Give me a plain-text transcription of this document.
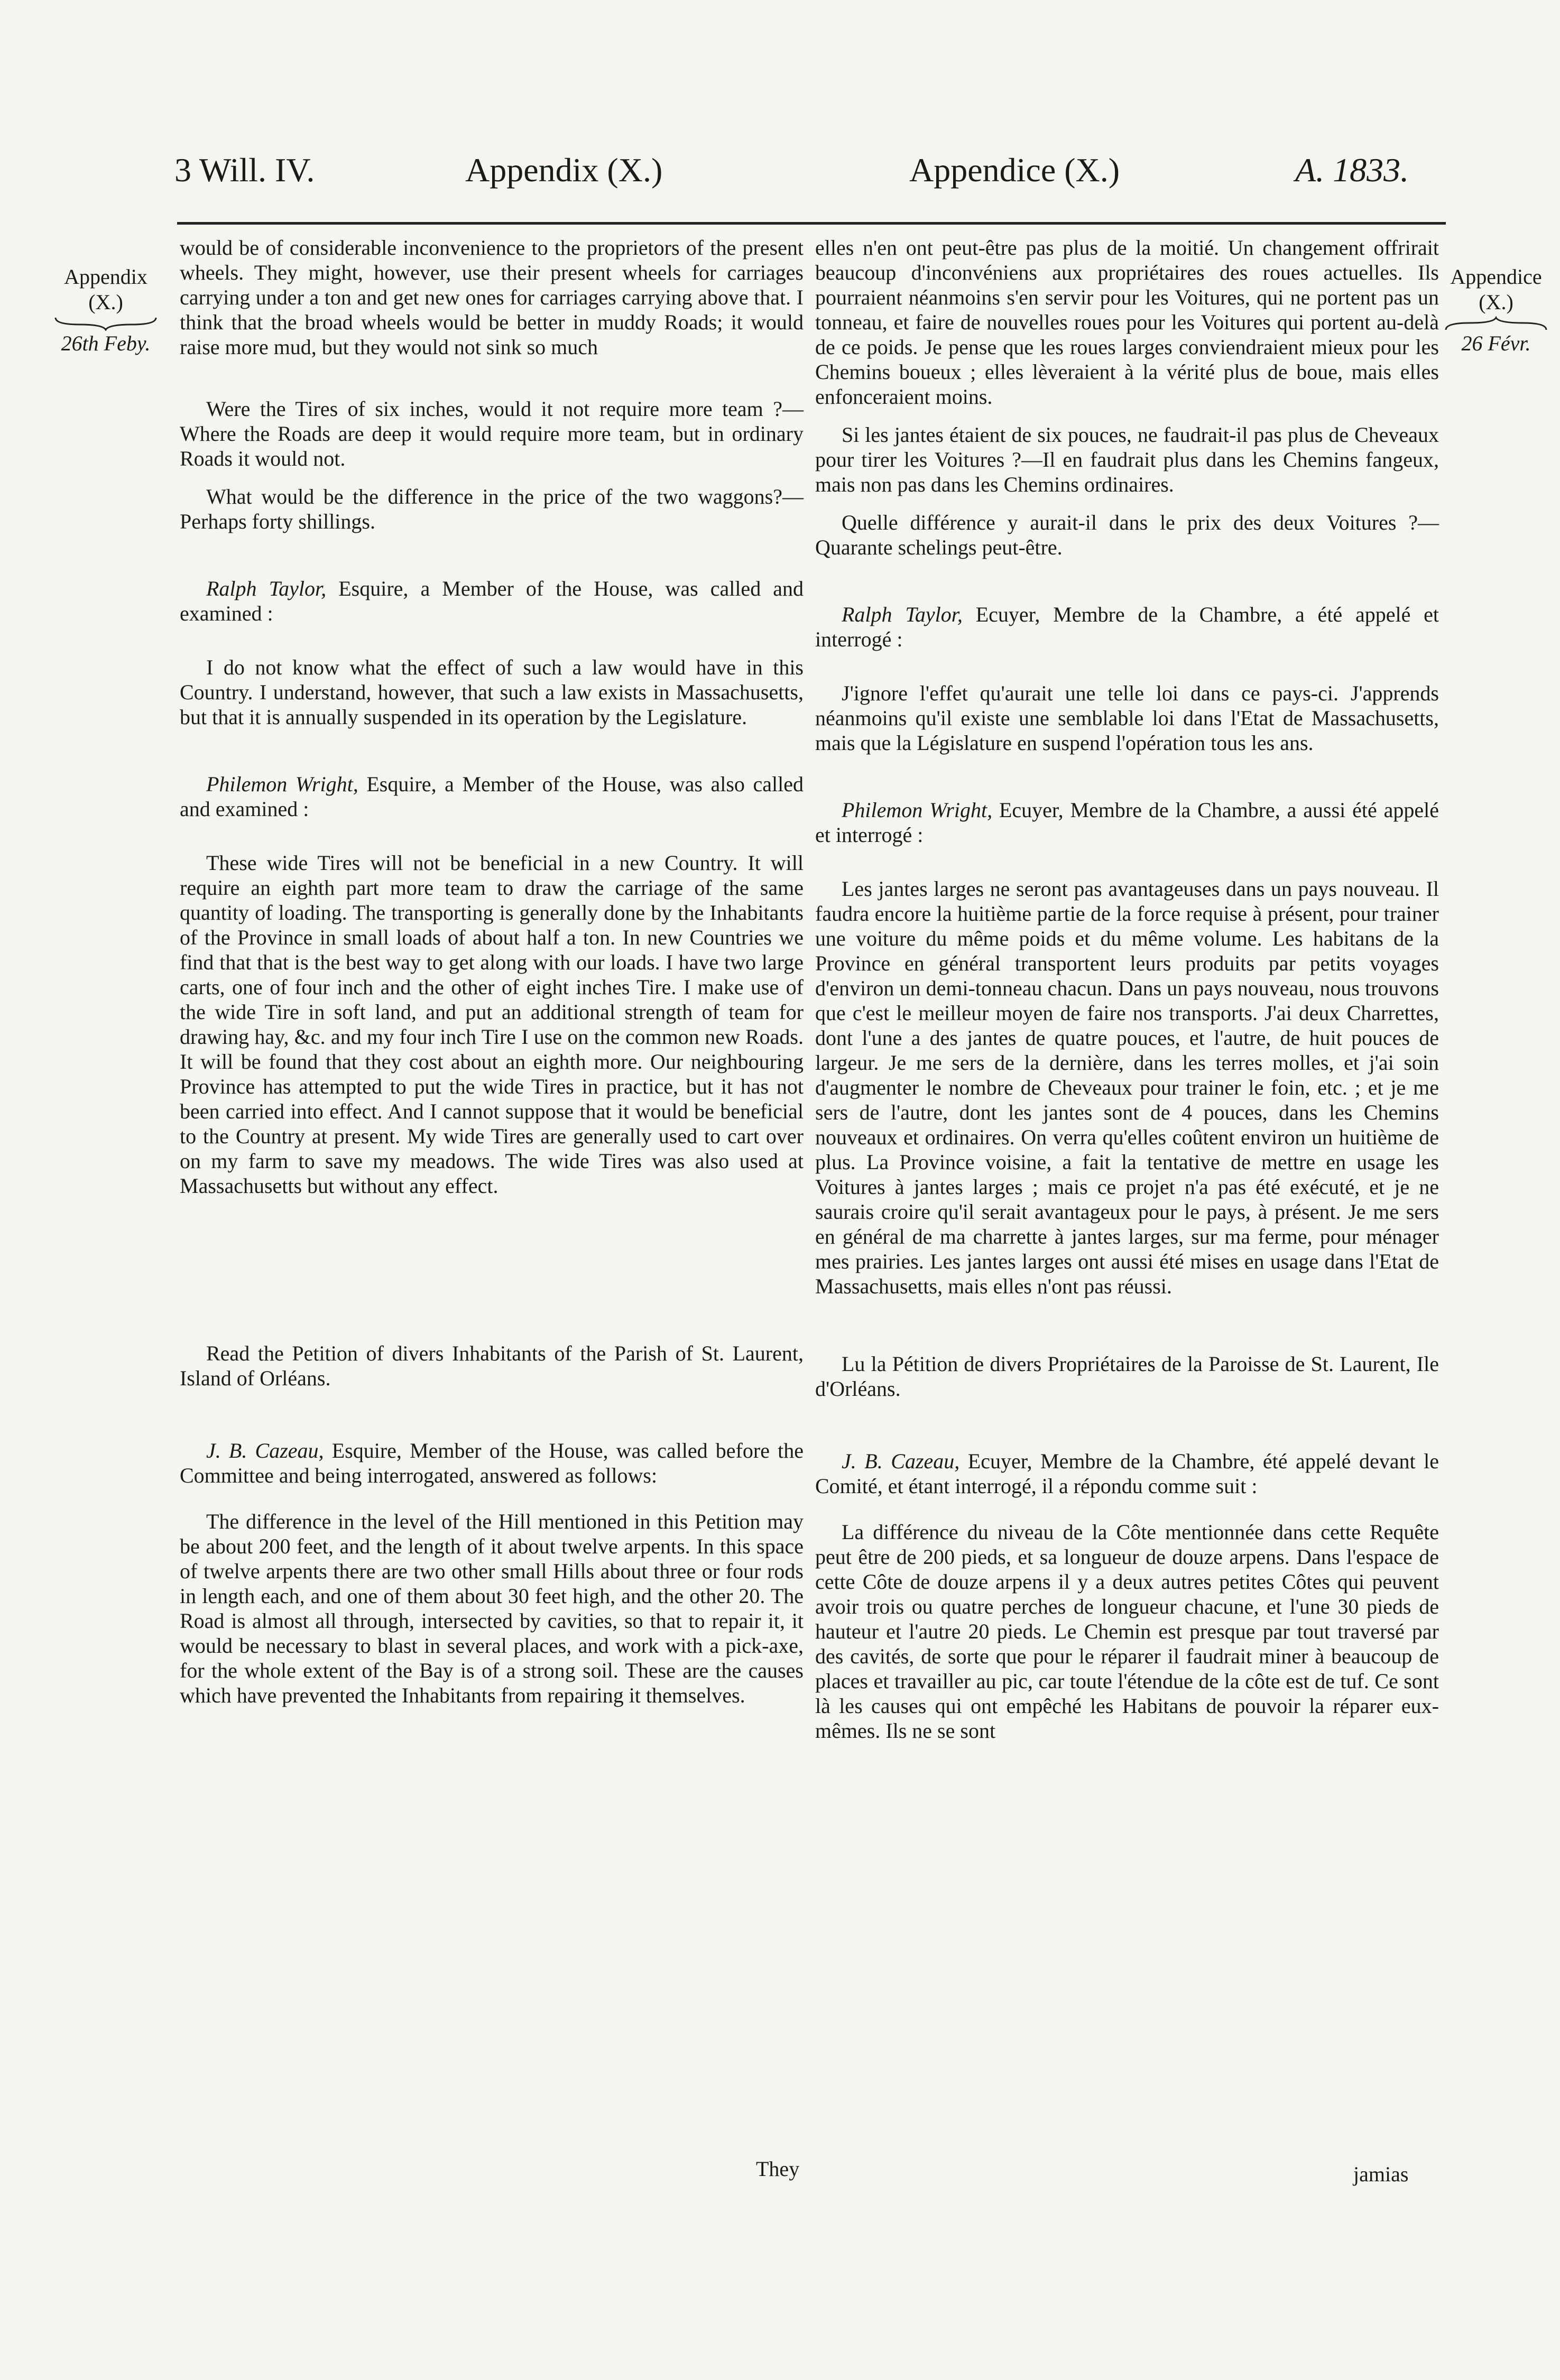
3 Will. IV.	Appendix (X.)	Appendice (X.)	A. 1833.
Appendix
(X.)
26th Feby.
Appendice
(X.)
26 Févr.

would be of considerable inconvenience to the proprietors of the present wheels. They might, however, use their present wheels for carriages carrying under a ton and get new ones for carriages carrying above that. I think that the broad wheels would be better in muddy Roads; it would raise more mud, but they would not sink so much

Were the Tires of six inches, would it not require more team ?—Where the Roads are deep it would require more team, but in ordinary Roads it would not.

What would be the difference in the price of the two waggons?—Perhaps forty shillings.

Ralph Taylor, Esquire, a Member of the House, was called and examined :

I do not know what the effect of such a law would have in this Country. I understand, however, that such a law exists in Massachusetts, but that it is annually suspended in its operation by the Legislature.

Philemon Wright, Esquire, a Member of the House, was also called and examined :

These wide Tires will not be beneficial in a new Country. It will require an eighth part more team to draw the carriage of the same quantity of loading. The transporting is generally done by the Inhabitants of the Province in small loads of about half a ton. In new Countries we find that that is the best way to get along with our loads. I have two large carts, one of four inch and the other of eight inches Tire. I make use of the wide Tire in soft land, and put an additional strength of team for drawing hay, &c. and my four inch Tire I use on the common new Roads. It will be found that they cost about an eighth more. Our neighbouring Province has attempted to put the wide Tires in practice, but it has not been carried into effect. And I cannot suppose that it would be beneficial to the Country at present. My wide Tires are generally used to cart over on my farm to save my meadows. The wide Tires was also used at Massachusetts but without any effect.

Read the Petition of divers Inhabitants of the Parish of St. Laurent, Island of Orléans.

J. B. Cazeau, Esquire, Member of the House, was called before the Committee and being interrogated, answered as follows:

The difference in the level of the Hill mentioned in this Petition may be about 200 feet, and the length of it about twelve arpents. In this space of twelve arpents there are two other small Hills about three or four rods in length each, and one of them about 30 feet high, and the other 20. The Road is almost all through, intersected by cavities, so that to repair it, it would be necessary to blast in several places, and work with a pick-axe, for the whole extent of the Bay is of a strong soil. These are the causes which have prevented the Inhabitants from repairing it themselves.

They

elles n'en ont peut-être pas plus de la moitié. Un changement offrirait beaucoup d'inconvéniens aux propriétaires des roues actuelles. Ils pourraient néanmoins s'en servir pour les Voitures, qui ne portent pas un tonneau, et faire de nouvelles roues pour les Voitures qui portent au-delà de ce poids. Je pense que les roues larges conviendraient mieux pour les Chemins boueux ; elles lèveraient à la vérité plus de boue, mais elles enfonceraient moins.

Si les jantes étaient de six pouces, ne faudrait-il pas plus de Cheveaux pour tirer les Voitures ?—Il en faudrait plus dans les Chemins fangeux, mais non pas dans les Chemins ordinaires.

Quelle différence y aurait-il dans le prix des deux Voitures ?—Quarante schelings peut-être.

Ralph Taylor, Ecuyer, Membre de la Chambre, a été appelé et interrogé :

J'ignore l'effet qu'aurait une telle loi dans ce pays-ci. J'apprends néanmoins qu'il existe une semblable loi dans l'Etat de Massachusetts, mais que la Législature en suspend l'opération tous les ans.

Philemon Wright, Ecuyer, Membre de la Chambre, a aussi été appelé et interrogé :

Les jantes larges ne seront pas avantageuses dans un pays nouveau. Il faudra encore la huitième partie de la force requise à présent, pour trainer une voiture du même poids et du même volume. Les habitans de la Province en général transportent leurs produits par petits voyages d'environ un demi-tonneau chacun. Dans un pays nouveau, nous trouvons que c'est le meilleur moyen de faire nos transports. J'ai deux Charrettes, dont l'une a des jantes de quatre pouces, et l'autre, de huit pouces de largeur. Je me sers de la dernière, dans les terres molles, et j'ai soin d'augmenter le nombre de Cheveaux pour trainer le foin, etc. ; et je me sers de l'autre, dont les jantes sont de 4 pouces, dans les Chemins nouveaux et ordinaires. On verra qu'elles coûtent environ un huitième de plus. La Province voisine, a fait la tentative de mettre en usage les Voitures à jantes larges ; mais ce projet n'a pas été exécuté, et je ne saurais croire qu'il serait avantageux pour le pays, à présent. Je me sers en général de ma charrette à jantes larges, sur ma ferme, pour ménager mes prairies. Les jantes larges ont aussi été mises en usage dans l'Etat de Massachusetts, mais elles n'ont pas réussi.

Lu la Pétition de divers Propriétaires de la Paroisse de St. Laurent, Ile d'Orléans.

J. B. Cazeau, Ecuyer, Membre de la Chambre, été appelé devant le Comité, et étant interrogé, il a répondu comme suit :

La différence du niveau de la Côte mentionnée dans cette Requête peut être de 200 pieds, et sa longueur de douze arpens. Dans l'espace de cette Côte de douze arpens il y a deux autres petites Côtes qui peuvent avoir trois ou quatre perches de longueur chacune, et l'une 30 pieds de hauteur et l'autre 20 pieds. Le Chemin est presque par tout traversé par des cavités, de sorte que pour le réparer il faudrait miner à beaucoup de places et travailler au pic, car toute l'étendue de la côte est de tuf. Ce sont là les causes qui ont empêché les Habitans de pouvoir la réparer eux-mêmes. Ils ne se sont

jamias
